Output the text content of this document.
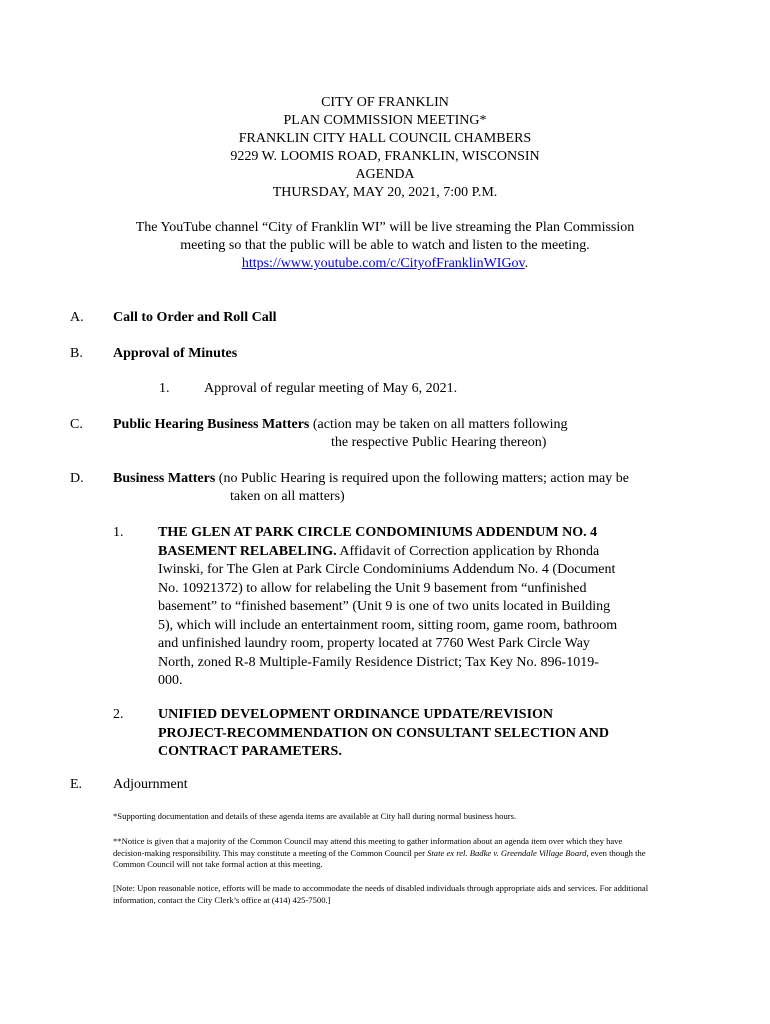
CITY OF FRANKLIN
PLAN COMMISSION MEETING*
FRANKLIN CITY HALL COUNCIL CHAMBERS
9229 W. LOOMIS ROAD, FRANKLIN, WISCONSIN
AGENDA
THURSDAY, MAY 20, 2021, 7:00 P.M.
The YouTube channel “City of Franklin WI” will be live streaming the Plan Commission
meeting so that the public will be able to watch and listen to the meeting.
https://www.youtube.com/c/CityofFranklinWIGov.
A. Call to Order and Roll Call
B. Approval of Minutes
1. Approval of regular meeting of May 6, 2021.
C. Public Hearing Business Matters (action may be taken on all matters following
the respective Public Hearing thereon)
D. Business Matters (no Public Hearing is required upon the following matters; action may be
taken on all matters)
1. THE GLEN AT PARK CIRCLE CONDOMINIUMS ADDENDUM NO. 4
BASEMENT RELABELING. Affidavit of Correction application by Rhonda
Iwinski, for The Glen at Park Circle Condominiums Addendum No. 4 (Document
No. 10921372) to allow for relabeling the Unit 9 basement from “unfinished
basement” to “finished basement” (Unit 9 is one of two units located in Building
5), which will include an entertainment room, sitting room, game room, bathroom
and unfinished laundry room, property located at 7760 West Park Circle Way
North, zoned R-8 Multiple-Family Residence District; Tax Key No. 896-1019-
000.
2. UNIFIED DEVELOPMENT ORDINANCE UPDATE/REVISION
PROJECT-RECOMMENDATION ON CONSULTANT SELECTION AND
CONTRACT PARAMETERS.
E. Adjournment
*Supporting documentation and details of these agenda items are available at City hall during normal business hours.
**Notice is given that a majority of the Common Council may attend this meeting to gather information about an agenda item over which they have
decision-making responsibility. This may constitute a meeting of the Common Council per State ex rel. Badke v. Greendale Village Board, even though the
Common Council will not take formal action at this meeting.
[Note: Upon reasonable notice, efforts will be made to accommodate the needs of disabled individuals through appropriate aids and services. For additional
information, contact the City Clerk’s office at (414) 425-7500.]
